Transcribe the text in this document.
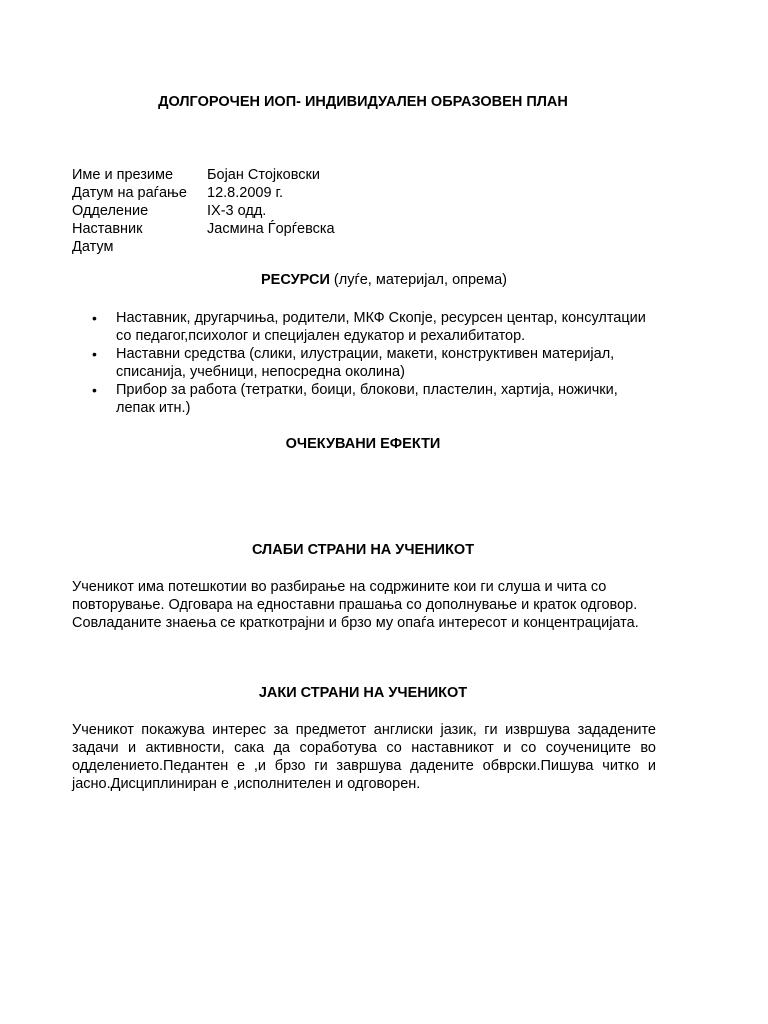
ДОЛГОРОЧЕН ИОП- ИНДИВИДУАЛЕН ОБРАЗОВЕН ПЛАН
Име и презиме	Бојан Стојковски
Датум на раѓање	12.8.2009 г.
Одделение	IX-3 одд.
Наставник	Јасмина Ѓорѓевска
Датум
РЕСУРСИ (луѓе, материјал, опрема)
• Наставник, другарчиња, родители, МКФ Скопје, ресурсен центар, консултации со педагог,психолог и специјален едукатор и рехалибитатор.
• Наставни средства (слики, илустрации, макети, конструктивен материјал, списанија, учебници, непосредна околина)
• Прибор за работа (тетратки, боици, блокови, пластелин, хартија, ножички, лепак итн.)
ОЧЕКУВАНИ ЕФЕКТИ
СЛАБИ СТРАНИ НА УЧЕНИКОТ
Ученикот има потешкотии во разбирање на содржините кои ги слуша и чита со повторување. Одговара на едноставни прашања со дополнување и краток одговор. Совладаните знаења се краткотрајни и брзо му опаѓа интересот и концентрацијата.
ЈАКИ СТРАНИ НА УЧЕНИКОТ
Ученикот покажува интерес за предметот англиски јазик, ги извршува зададените задачи и активности, сака да соработува со наставникот и со соучениците во одделението.Педантен е ,и брзо ги завршува дадените обврски.Пишува читко и јасно.Дисциплиниран е ,исполнителен и одговорен.
